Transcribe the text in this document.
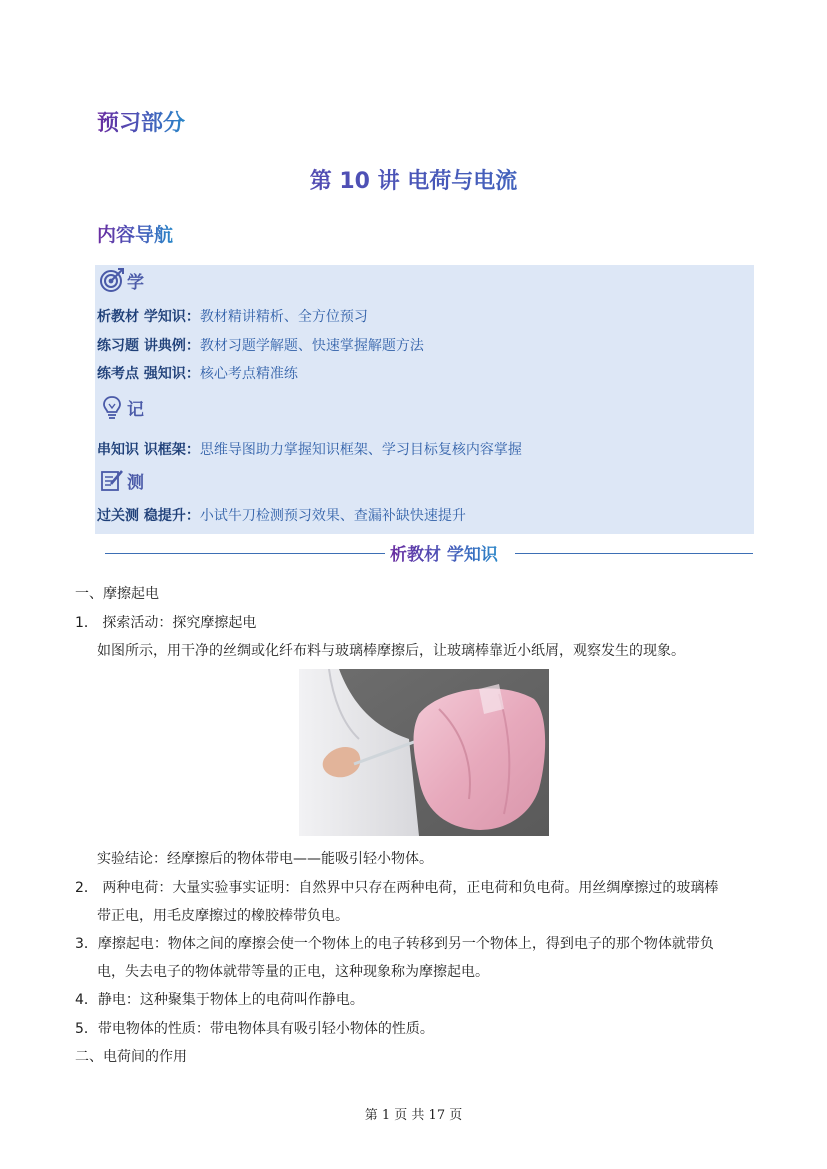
预习部分
第 10 讲 电荷与电流
内容导航
学
析教材 学知识：教材精讲精析、全方位预习
练习题 讲典例：教材习题学解题、快速掌握解题方法
练考点 强知识：核心考点精准练
记
串知识 识框架：思维导图助力掌握知识框架、学习目标复核内容掌握
测
过关测 稳提升：小试牛刀检测预习效果、查漏补缺快速提升
析教材 学知识
一、摩擦起电
1． 探索活动：探究摩擦起电
如图所示，用干净的丝绸或化纤布料与玻璃棒摩擦后，让玻璃棒靠近小纸屑，观察发生的现象。
实验结论：经摩擦后的物体带电——能吸引轻小物体。
2． 两种电荷：大量实验事实证明：自然界中只存在两种电荷，正电荷和负电荷。用丝绸摩擦过的玻璃棒
带正电，用毛皮摩擦过的橡胶棒带负电。
3．摩擦起电：物体之间的摩擦会使一个物体上的电子转移到另一个物体上，得到电子的那个物体就带负
电，失去电子的物体就带等量的正电，这种现象称为摩擦起电。
4．静电：这种聚集于物体上的电荷叫作静电。
5．带电物体的性质：带电物体具有吸引轻小物体的性质。
二、电荷间的作用
第 1 页 共 17 页
